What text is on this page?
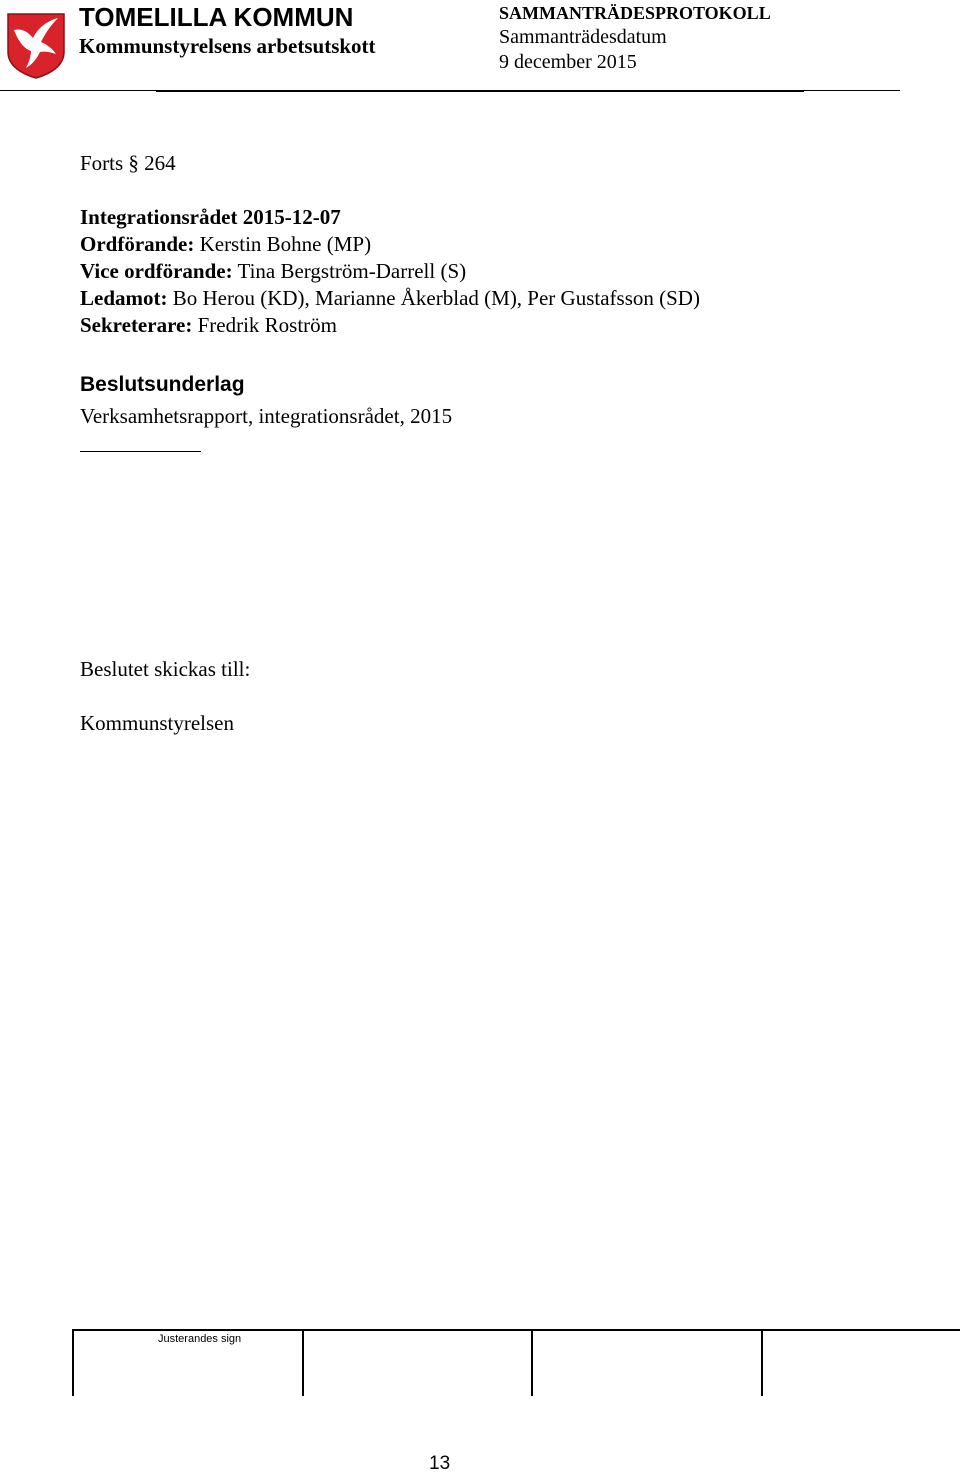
TOMELILLA KOMMUN
Kommunstyrelsens arbetsutskott
SAMMANTRÄDESPROTOKOLL
Sammanträdesdatum
9 december 2015
Forts § 264
Integrationsrådet 2015-12-07
Ordförande: Kerstin Bohne (MP)
Vice ordförande: Tina Bergström-Darrell (S)
Ledamot: Bo Herou (KD), Marianne Åkerblad (M), Per Gustafsson (SD)
Sekreterare: Fredrik Roström
Beslutsunderlag
Verksamhetsrapport, integrationsrådet, 2015
Beslutet skickas till:
Kommunstyrelsen
Justerandes sign
13
